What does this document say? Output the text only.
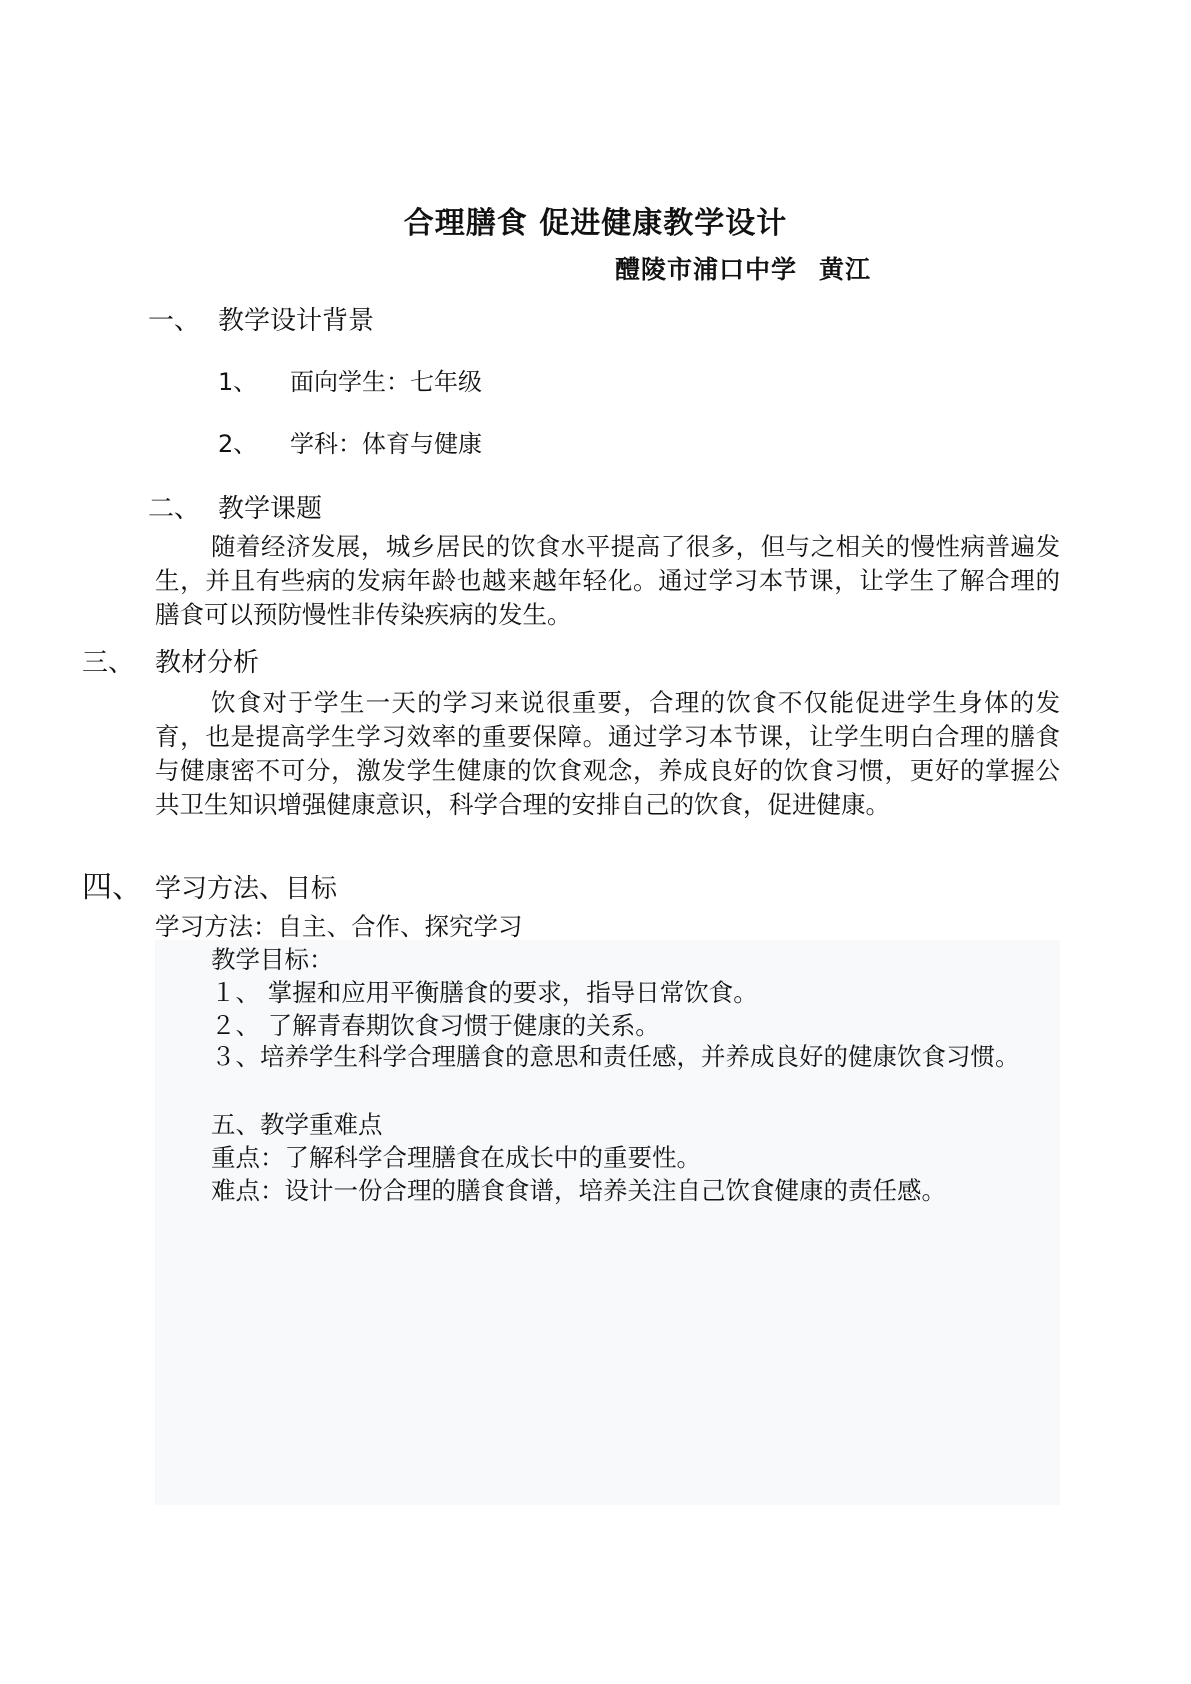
合理膳食 促进健康教学设计
醴陵市浦口中学 黄江
一、 教学设计背景
1、 面向学生：七年级
2、 学科：体育与健康
二、 教学课题
随着经济发展，城乡居民的饮食水平提高了很多，但与之相关的慢性病普遍发生，并且有些病的发病年龄也越来越年轻化。通过学习本节课，让学生了解合理的膳食可以预防慢性非传染疾病的发生。
三、 教材分析
饮食对于学生一天的学习来说很重要，合理的饮食不仅能促进学生身体的发育，也是提高学生学习效率的重要保障。通过学习本节课，让学生明白合理的膳食与健康密不可分，激发学生健康的饮食观念，养成良好的饮食习惯，更好的掌握公共卫生知识增强健康意识，科学合理的安排自己的饮食，促进健康。
四、 学习方法、目标
学习方法：自主、合作、探究学习
教学目标：
１、 掌握和应用平衡膳食的要求，指导日常饮食。
２、 了解青春期饮食习惯于健康的关系。
３、培养学生科学合理膳食的意思和责任感，并养成良好的健康饮食习惯。
五、教学重难点
重点：了解科学合理膳食在成长中的重要性。
难点：设计一份合理的膳食食谱，培养关注自己饮食健康的责任感。
